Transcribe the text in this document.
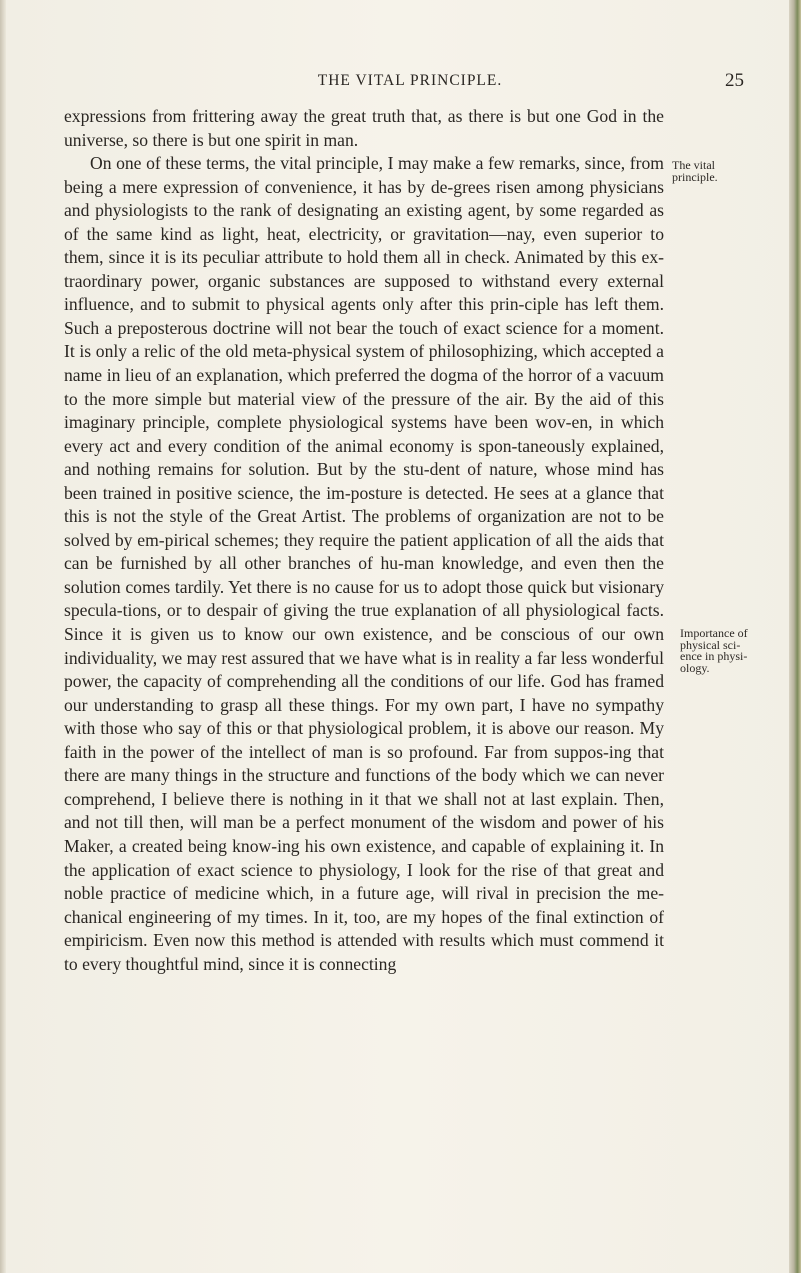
THE VITAL PRINCIPLE.	25

expressions from frittering away the great truth that, as there is but one God in the universe, so there is but one spirit in man.

On one of these terms, the vital principle, I may make a few remarks, since, from being a mere expression of convenience, it has by de-grees risen among physicians and physiologists to the rank of designating an existing agent, by some regarded as of the same kind as light, heat, electricity, or gravitation—nay, even superior to them, since it is its peculiar attribute to hold them all in check. Animated by this ex-traordinary power, organic substances are supposed to withstand every external influence, and to submit to physical agents only after this prin-ciple has left them. Such a preposterous doctrine will not bear the touch of exact science for a moment. It is only a relic of the old meta-physical system of philosophizing, which accepted a name in lieu of an explanation, which preferred the dogma of the horror of a vacuum to the more simple but material view of the pressure of the air. By the aid of this imaginary principle, complete physiological systems have been wov-en, in which every act and every condition of the animal economy is spon-taneously explained, and nothing remains for solution. But by the stu-dent of nature, whose mind has been trained in positive science, the im-posture is detected. He sees at a glance that this is not the style of the Great Artist. The problems of organization are not to be solved by em-pirical schemes; they require the patient application of all the aids that can be furnished by all other branches of hu-man knowledge, and even then the solution comes tardily. Yet there is no cause for us to adopt those quick but visionary specula-tions, or to despair of giving the true explanation of all physiological facts. Since it is given us to know our own existence, and be conscious of our own individuality, we may rest assured that we have what is in reality a far less wonderful power, the capacity of comprehending all the conditions of our life. God has framed our understanding to grasp all these things. For my own part, I have no sympathy with those who say of this or that physiological problem, it is above our reason. My faith in the power of the intellect of man is so profound. Far from suppos-ing that there are many things in the structure and functions of the body which we can never comprehend, I believe there is nothing in it that we shall not at last explain. Then, and not till then, will man be a perfect monument of the wisdom and power of his Maker, a created being know-ing his own existence, and capable of explaining it. In the application of exact science to physiology, I look for the rise of that great and noble practice of medicine which, in a future age, will rival in precision the me-chanical engineering of my times. In it, too, are my hopes of the final extinction of empiricism. Even now this method is attended with results which must commend it to every thoughtful mind, since it is connecting

The vital
principle.
Importance of
physical sci-
ence in physi-
ology.
